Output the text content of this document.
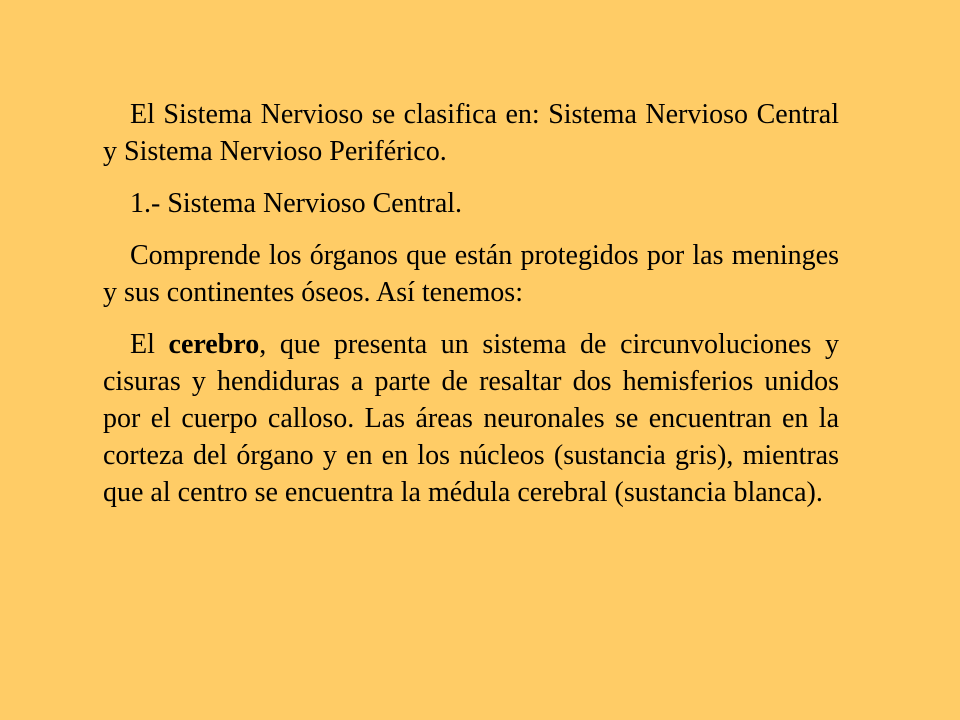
El Sistema Nervioso se clasifica en: Sistema Nervioso Central y Sistema Nervioso Periférico.

1.- Sistema Nervioso Central.

Comprende los órganos que están protegidos por las meninges y sus continentes óseos. Así tenemos:

El cerebro, que presenta un sistema de circunvoluciones y cisuras y hendiduras a parte de resaltar dos hemisferios unidos por el cuerpo calloso. Las áreas neuronales se encuentran en la corteza del órgano y en en los núcleos (sustancia gris), mientras que al centro se encuentra la médula cerebral (sustancia blanca).
